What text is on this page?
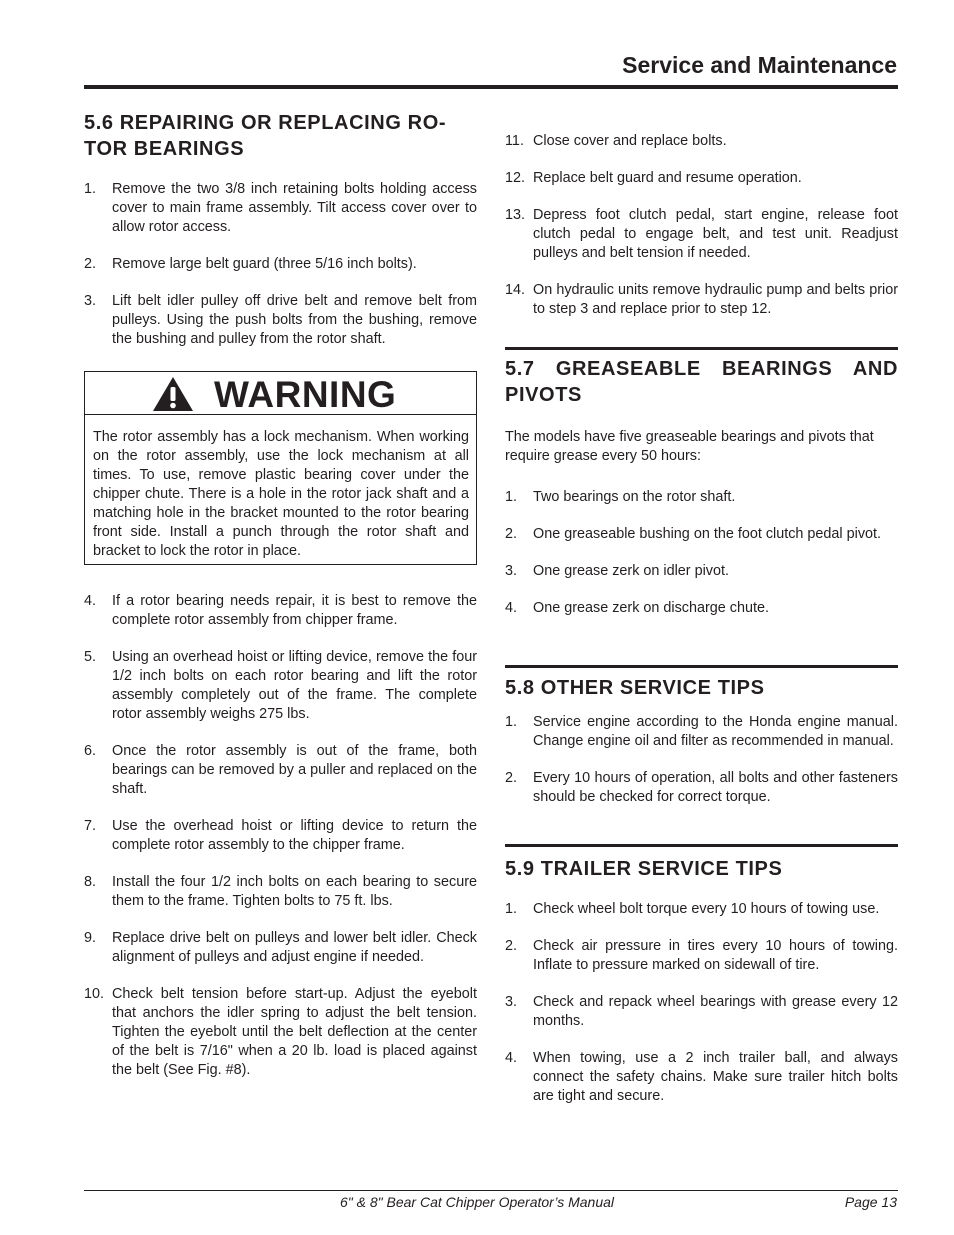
Service and Maintenance
5.6 REPAIRING OR REPLACING RO-
TOR BEARINGS
1. Remove the two 3/8 inch retaining bolts holding access cover to main frame assembly. Tilt access cover over to allow rotor access.
2. Remove large belt guard (three 5/16 inch bolts).
3. Lift belt idler pulley off drive belt and remove belt from pulleys. Using the push bolts from the bushing, remove the bushing and pulley from the rotor shaft.
4. If a rotor bearing needs repair, it is best to remove the complete rotor assembly from chipper frame.
5. Using an overhead hoist or lifting device, remove the four 1/2 inch bolts on each rotor bearing and lift the rotor assembly completely out of the frame. The complete rotor assembly weighs 275 lbs.
6. Once the rotor assembly is out of the frame, both bearings can be removed by a puller and replaced on the shaft.
7. Use the overhead hoist or lifting device to return the complete rotor assembly to the chipper frame.
8. Install the four 1/2 inch bolts on each bearing to secure them to the frame. Tighten bolts to 75 ft. lbs.
9. Replace drive belt on pulleys and lower belt idler. Check alignment of pulleys and adjust engine if needed.
10. Check belt tension before start-up. Adjust the eyebolt that anchors the idler spring to adjust the belt tension. Tighten the eyebolt until the belt deflection at the center of the belt is 7/16" when a 20 lb. load is placed against the belt (See Fig. #8).
WARNING
The rotor assembly has a lock mechanism. When working on the rotor assembly, use the lock mechanism at all times. To use, remove plastic bearing cover under the chipper chute. There is a hole in the rotor jack shaft and a matching hole in the bracket mounted to the rotor bearing front side. Install a punch through the rotor shaft and bracket to lock the rotor in place.
11. Close cover and replace bolts.
12. Replace belt guard and resume operation.
13. Depress foot clutch pedal, start engine, release foot clutch pedal to engage belt, and test unit. Readjust pulleys and belt tension if needed.
14. On hydraulic units remove hydraulic pump and belts prior to step 3 and replace prior to step 12.
5.7 GREASEABLE BEARINGS AND PIVOTS

The models have five greaseable bearings and pivots that require grease every 50 hours:

1. Two bearings on the rotor shaft.
2. One greaseable bushing on the foot clutch pedal pivot.
3. One grease zerk on idler pivot.
4. One grease zerk on discharge chute.
5.8 OTHER SERVICE TIPS
1. Service engine according to the Honda engine manual. Change engine oil and filter as recommended in manual.
2. Every 10 hours of operation, all bolts and other fasteners should be checked for correct torque.
5.9 TRAILER SERVICE TIPS
1. Check wheel bolt torque every 10 hours of towing use.
2. Check air pressure in tires every 10 hours of towing. Inflate to pressure marked on sidewall of tire.
3. Check and repack wheel bearings with grease every 12 months.
4. When towing, use a 2 inch trailer ball, and always connect the safety chains. Make sure trailer hitch bolts are tight and secure.
6" & 8" Bear Cat Chipper Operator’s Manual	Page 13
